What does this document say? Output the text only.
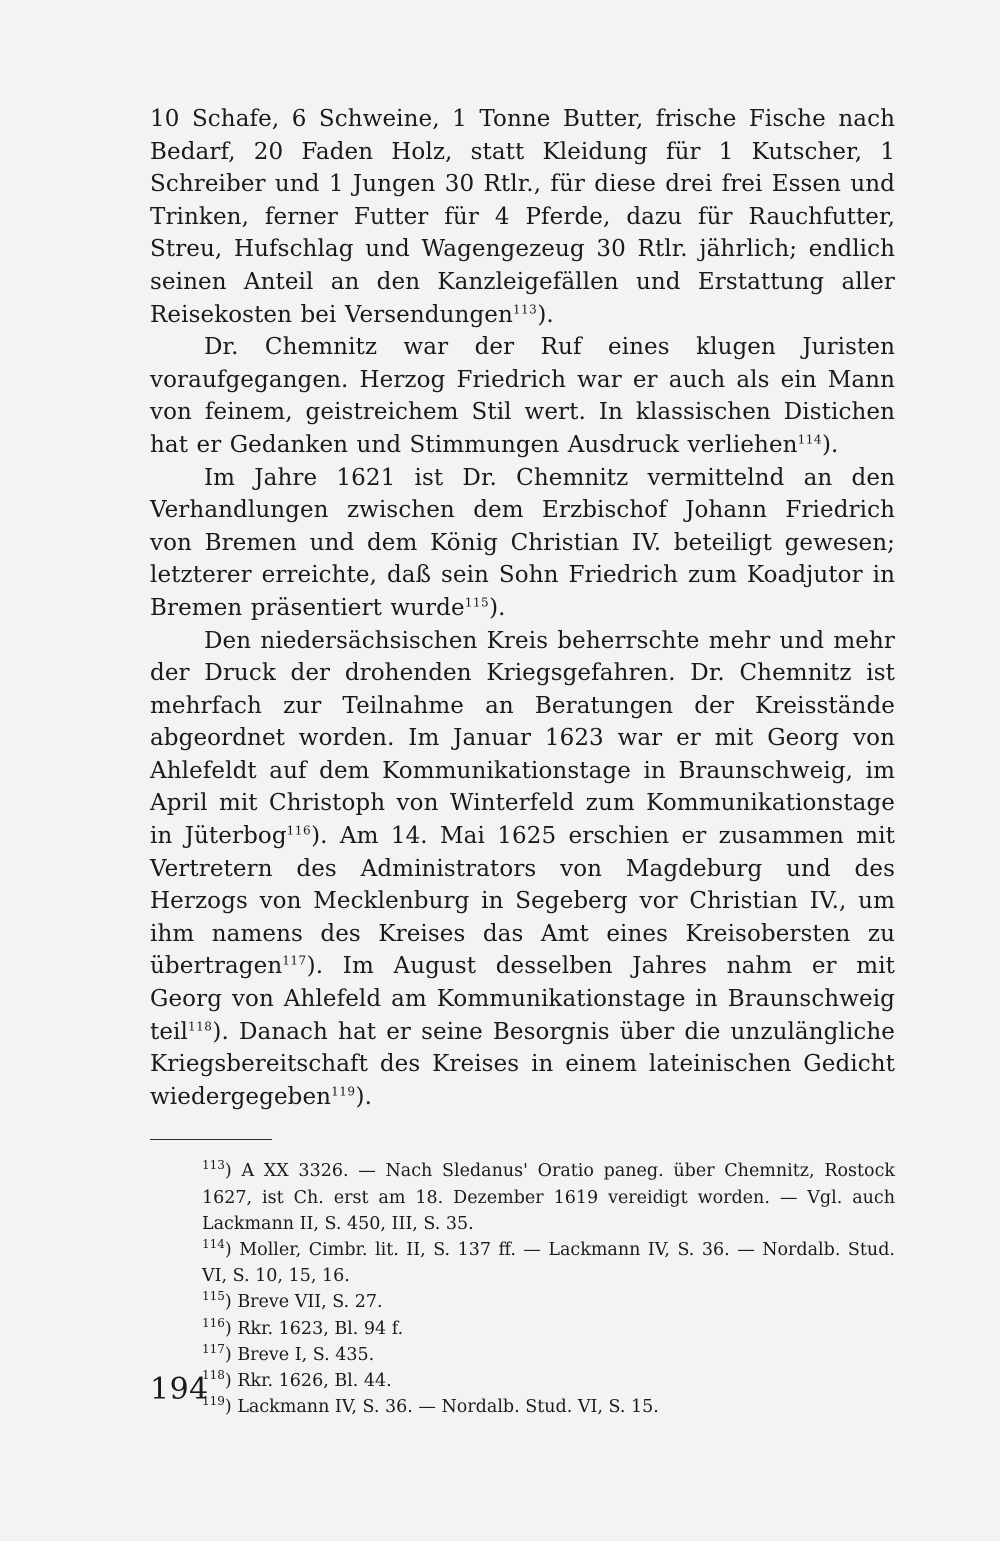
10 Schafe, 6 Schweine, 1 Tonne Butter, frische Fische nach Bedarf, 20 Faden Holz, statt Kleidung für 1 Kutscher, 1 Schreiber und 1 Jungen 30 Rtlr., für diese drei frei Essen und Trinken, ferner Futter für 4 Pferde, dazu für Rauchfutter, Streu, Hufschlag und Wagengezeug 30 Rtlr. jährlich; endlich seinen Anteil an den Kanzleigefällen und Erstattung aller Reisekosten bei Versendungen$^{113}$).

Dr. Chemnitz war der Ruf eines klugen Juristen voraufgegangen. Herzog Friedrich war er auch als ein Mann von feinem, geistreichem Stil wert. In klassischen Distichen hat er Gedanken und Stimmungen Ausdruck verliehen$^{114}$).

Im Jahre 1621 ist Dr. Chemnitz vermittelnd an den Verhandlungen zwischen dem Erzbischof Johann Friedrich von Bremen und dem König Christian IV. beteiligt gewesen; letzterer erreichte, daß sein Sohn Friedrich zum Koadjutor in Bremen präsentiert wurde$^{115}$).

Den niedersächsischen Kreis beherrschte mehr und mehr der Druck der drohenden Kriegsgefahren. Dr. Chemnitz ist mehrfach zur Teilnahme an Beratungen der Kreisstände abgeordnet worden. Im Januar 1623 war er mit Georg von Ahlefeldt auf dem Kommunikationstage in Braunschweig, im April mit Christoph von Winterfeld zum Kommunikationstage in Jüterbog$^{116}$). Am 14. Mai 1625 erschien er zusammen mit Vertretern des Administrators von Magdeburg und des Herzogs von Mecklenburg in Segeberg vor Christian IV., um ihm namens des Kreises das Amt eines Kreisobersten zu übertragen$^{117}$). Im August desselben Jahres nahm er mit Georg von Ahlefeld am Kommunikationstage in Braunschweig teil$^{118}$). Danach hat er seine Besorgnis über die unzulängliche Kriegsbereitschaft des Kreises in einem lateinischen Gedicht wiedergegeben$^{119}$).

$^{113}$) A XX 3326. — Nach Sledanus' Oratio paneg. über Chemnitz, Rostock 1627, ist Ch. erst am 18. Dezember 1619 vereidigt worden. — Vgl. auch Lackmann II, S. 450, III, S. 35.

$^{114}$) Moller, Cimbr. lit. II, S. 137 ff. — Lackmann IV, S. 36. — Nordalb. Stud. VI, S. 10, 15, 16.

$^{115}$) Breve VII, S. 27.

$^{116}$) Rkr. 1623, Bl. 94 f.

$^{117}$) Breve I, S. 435.

$^{118}$) Rkr. 1626, Bl. 44.

$^{119}$) Lackmann IV, S. 36. — Nordalb. Stud. VI, S. 15.

194
